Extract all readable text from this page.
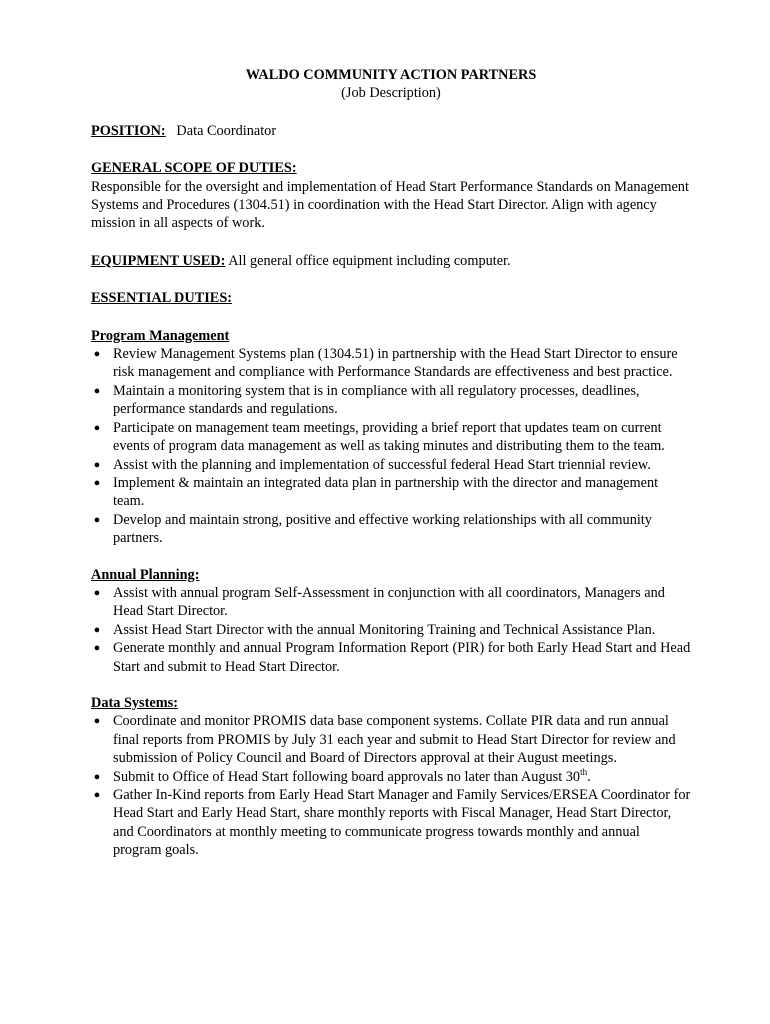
WALDO COMMUNITY ACTION PARTNERS

(Job Description)

POSITION: Data Coordinator

GENERAL SCOPE OF DUTIES:

Responsible for the oversight and implementation of Head Start Performance Standards on Management Systems and Procedures (1304.51) in coordination with the Head Start Director. Align with agency mission in all aspects of work.

EQUIPMENT USED: All general office equipment including computer.

ESSENTIAL DUTIES:

Program Management

● Review Management Systems plan (1304.51) in partnership with the Head Start Director to ensure risk management and compliance with Performance Standards are effectiveness and best practice.
● Maintain a monitoring system that is in compliance with all regulatory processes, deadlines, performance standards and regulations.
● Participate on management team meetings, providing a brief report that updates team on current events of program data management as well as taking minutes and distributing them to the team.
● Assist with the planning and implementation of successful federal Head Start triennial review.
● Implement & maintain an integrated data plan in partnership with the director and management team.
● Develop and maintain strong, positive and effective working relationships with all community partners.

Annual Planning:

● Assist with annual program Self-Assessment in conjunction with all coordinators, Managers and Head Start Director.
● Assist Head Start Director with the annual Monitoring Training and Technical Assistance Plan.
● Generate monthly and annual Program Information Report (PIR) for both Early Head Start and Head Start and submit to Head Start Director.

Data Systems:

● Coordinate and monitor PROMIS data base component systems. Collate PIR data and run annual final reports from PROMIS by July 31 each year and submit to Head Start Director for review and submission of Policy Council and Board of Directors approval at their August meetings.
● Submit to Office of Head Start following board approvals no later than August 30th.
● Gather In-Kind reports from Early Head Start Manager and Family Services/ERSEA Coordinator for Head Start and Early Head Start, share monthly reports with Fiscal Manager, Head Start Director, and Coordinators at monthly meeting to communicate progress towards monthly and annual program goals.
